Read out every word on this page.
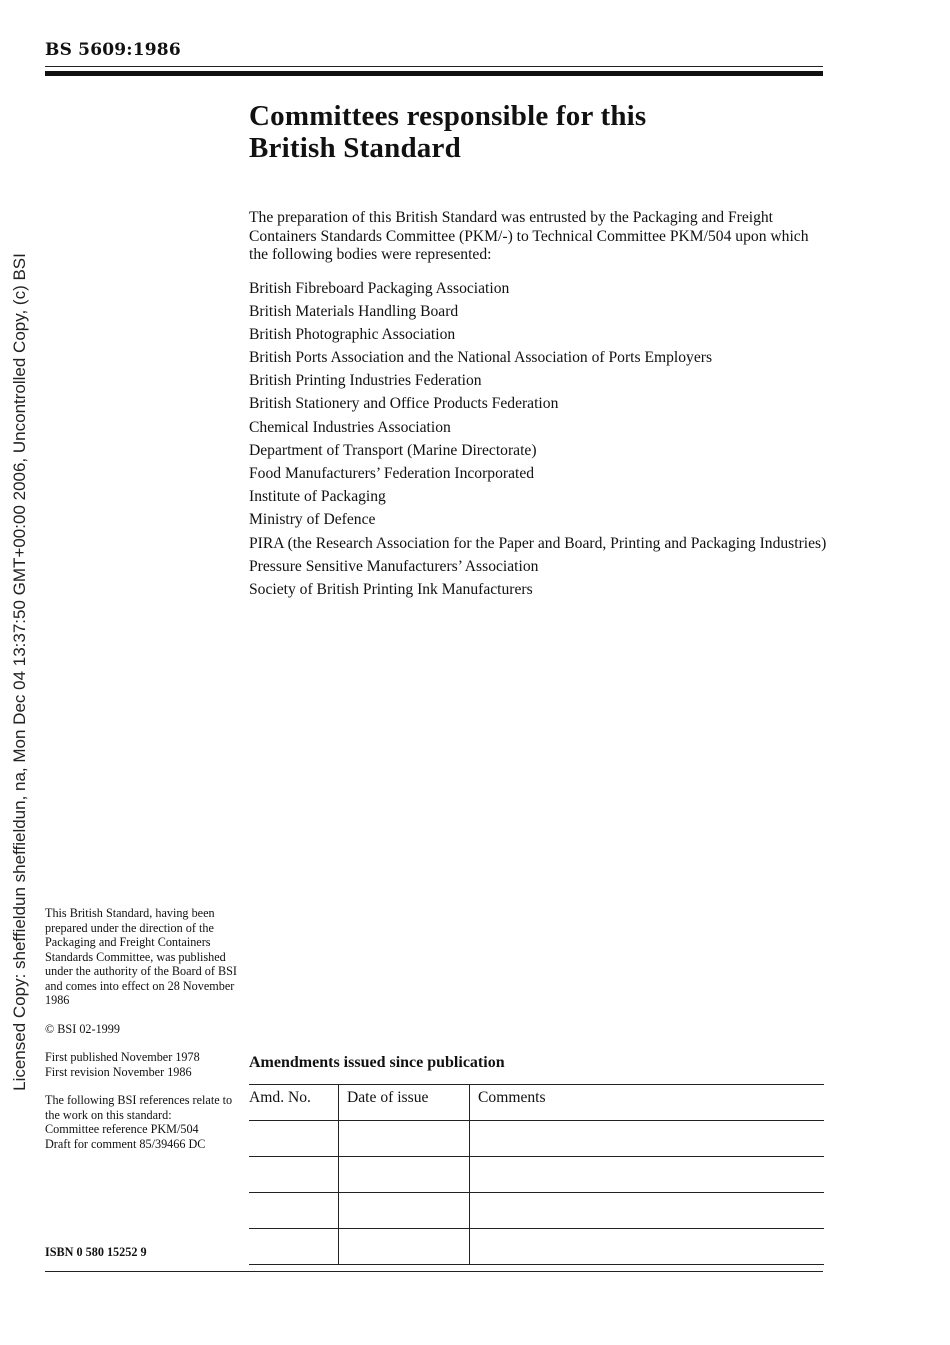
BS 5609:1986
Licensed Copy: sheffieldun sheffieldun, na, Mon Dec 04 13:37:50 GMT+00:00 2006, Uncontrolled Copy, (c) BSI
Committees responsible for this
British Standard

The preparation of this British Standard was entrusted by the Packaging and Freight Containers Standards Committee (PKM/-) to Technical Committee PKM/504 upon which the following bodies were represented:

British Fibreboard Packaging Association
British Materials Handling Board
British Photographic Association
British Ports Association and the National Association of Ports Employers
British Printing Industries Federation
British Stationery and Office Products Federation
Chemical Industries Association
Department of Transport (Marine Directorate)
Food Manufacturers’ Federation Incorporated
Institute of Packaging
Ministry of Defence
PIRA (the Research Association for the Paper and Board, Printing and Packaging Industries)
Pressure Sensitive Manufacturers’ Association
Society of British Printing Ink Manufacturers

This British Standard, having been prepared under the direction of the Packaging and Freight Containers Standards Committee, was published under the authority of the Board of BSI and comes into effect on 28 November 1986

© BSI 02-1999

First published November 1978

First revision November 1986

The following BSI references relate to the work on this standard:

Committee reference PKM/504

Draft for comment 85/39466 DC

ISBN 0 580 15252 9

Amendments issued since publication
Amd. No.	Date of issue	Comments
